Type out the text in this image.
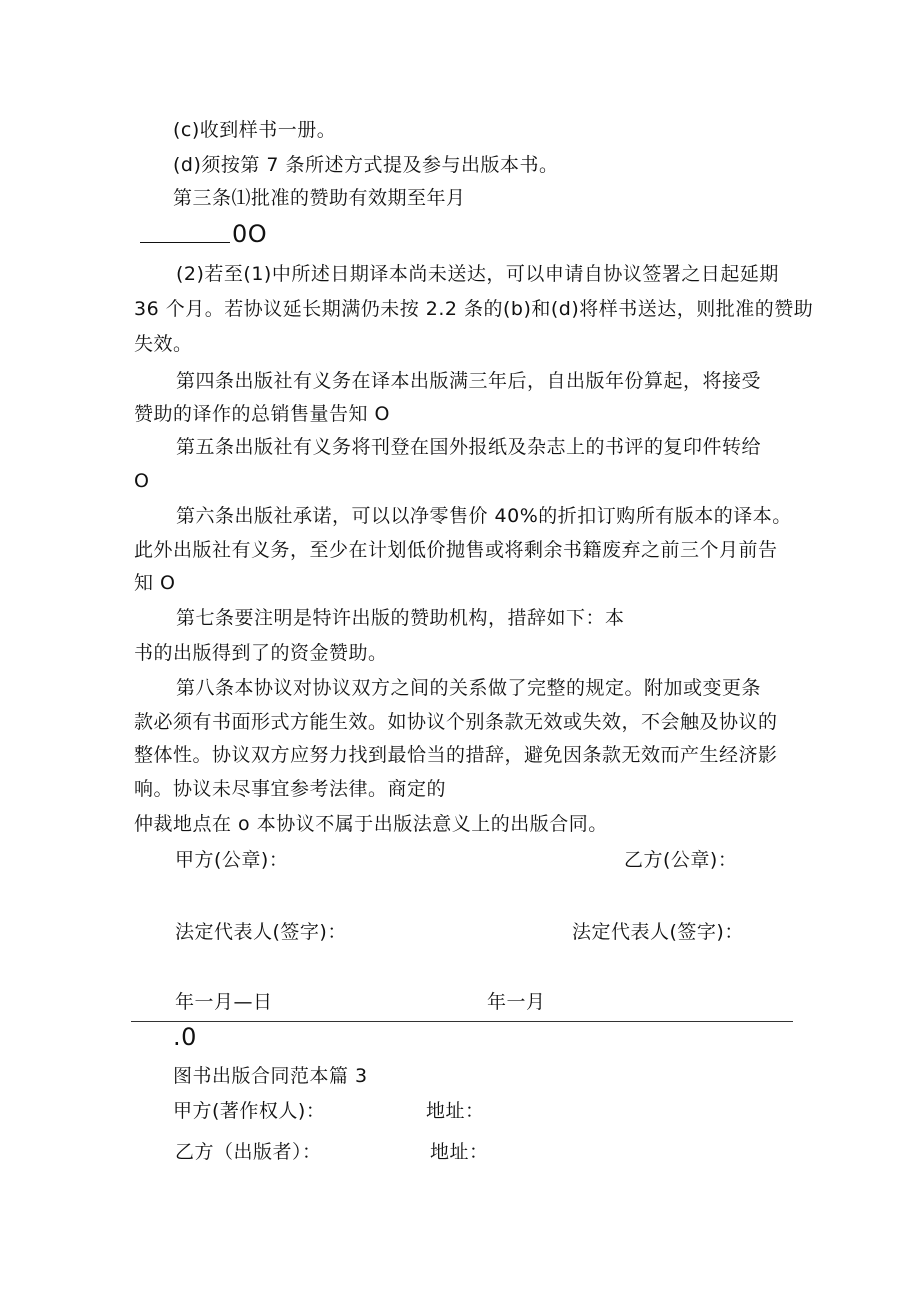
(c)收到样书一册。
(d)须按第 7 条所述方式提及参与出版本书。
第三条⑴批准的赞助有效期至年月
0O
(2)若至(1)中所述日期译本尚未送达，可以申请自协议签署之日起延期
36 个月。若协议延长期满仍未按 2.2 条的(b)和(d)将样书送达，则批准的赞助
失效。
第四条出版社有义务在译本出版满三年后，自出版年份算起，将接受
赞助的译作的总销售量告知 O
第五条出版社有义务将刊登在国外报纸及杂志上的书评的复印件转给
O
第六条出版社承诺，可以以净零售价 40%的折扣订购所有版本的译本。
此外出版社有义务，至少在计划低价抛售或将剩余书籍废弃之前三个月前告
知 O
第七条要注明是特许出版的赞助机构，措辞如下：本
书的出版得到了的资金赞助。
第八条本协议对协议双方之间的关系做了完整的规定。附加或变更条
款必须有书面形式方能生效。如协议个别条款无效或失效，不会触及协议的
整体性。协议双方应努力找到最恰当的措辞，避免因条款无效而产生经济影
响。协议未尽事宜参考法律。商定的
仲裁地点在 o 本协议不属于出版法意义上的出版合同。
甲方(公章)：	乙方(公章)：
法定代表人(签字)：	法定代表人(签字)：
年一月—日	年一月
.0
图书出版合同范本篇 3
甲方(著作权人)：	地址：
乙方（出版者）：	地址：
